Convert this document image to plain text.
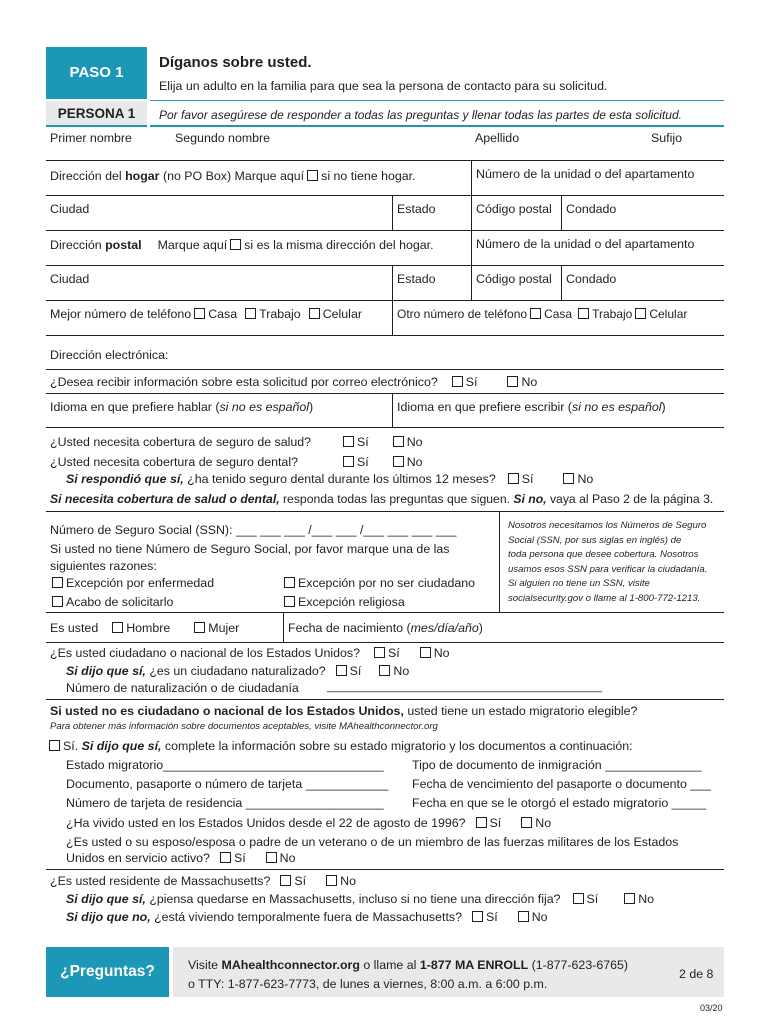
PASO 1
PERSONA 1
Díganos sobre usted.
Elija un adulto en la familia para que sea la persona de contacto para su solicitud.
Por favor asegúrese de responder a todas las preguntas y llenar todas las partes de esta solicitud.
Primer nombre	Segundo nombre	Apellido	Sufijo
Dirección del hogar (no PO Box) Marque aquí si no tiene hogar.	Número de la unidad o del apartamento
Ciudad	Estado	Código postal Condado
Dirección postal Marque aquí si es la misma dirección del hogar.	Número de la unidad o del apartamento
Ciudad	Estado	Código postal Condado
Mejor número de teléfono Casa Trabajo Celular	Otro número de teléfono Casa Trabajo Celular
Dirección electrónica:
¿Desea recibir información sobre esta solicitud por correo electrónico? Sí	No
Idioma en que prefiere hablar (si no es español)	Idioma en que prefiere escribir (si no es español)
¿Usted necesita cobertura de seguro de salud?	Sí	No
¿Usted necesita cobertura de seguro dental?	Sí	No
Si respondió que sí, ¿ha tenido seguro dental durante los últimos 12 meses? Sí	No
Si necesita cobertura de salud o dental, responda todas las preguntas que siguen. Si no, vaya al Paso 2 de la página 3.
Número de Seguro Social (SSN): ___ ___ ___ /___ ___ /___ ___ ___ ___
Si usted no tiene Número de Seguro Social, por favor marque una de las
siguientes razones:
Excepción por enfermedad	Excepción por no ser ciudadano
Acabo de solicitarlo	Excepción religiosa
Nosotros necesitamos los Números de Seguro
Social (SSN, por sus siglas en inglés) de
toda persona que desee cobertura. Nosotros
usamos esos SSN para verificar la ciudadanía.
Si alguien no tiene un SSN, visite
socialsecurity.gov o llame al 1-800-772-1213.
Es usted Hombre	Mujer	Fecha de nacimiento (mes/día/año)
¿Es usted ciudadano o nacional de los Estados Unidos? Sí	No
Si dijo que sí, ¿es un ciudadano naturalizado? Sí	No
Número de naturalización o de ciudadanía	_____________________________________________
Si usted no es ciudadano o nacional de los Estados Unidos, usted tiene un estado migratorio elegible?
Para obtener más información sobre documentos aceptables, visite MAhealthconnector.org
Sí. Si dijo que sí, complete la información sobre su estado migratorio y los documentos a continuación:
Estado migratorio________________________________ Tipo de documento de inmigración ______________
Documento, pasaporte o número de tarjeta ____________ Fecha de vencimiento del pasaporte o documento ___
Número de tarjeta de residencia ____________________ Fecha en que se le otorgó el estado migratorio _____
¿Ha vivido usted en los Estados Unidos desde el 22 de agosto de 1996? Sí	No
¿Es usted o su esposo/esposa o padre de un veterano o de un miembro de las fuerzas militares de los Estados
Unidos en servicio activo? Sí	No
¿Es usted residente de Massachusetts? Sí	No
Si dijo que sí, ¿piensa quedarse en Massachusetts, incluso si no tiene una dirección fija? Sí	No
Si dijo que no, ¿está viviendo temporalmente fuera de Massachusetts? Sí	No
¿Preguntas?	Visite MAhealthconnector.org o llame al 1-877 MA ENROLL (1-877-623-6765)
o TTY: 1-877-623-7773, de lunes a viernes, 8:00 a.m. a 6:00 p.m.
2 de 8
03/20
